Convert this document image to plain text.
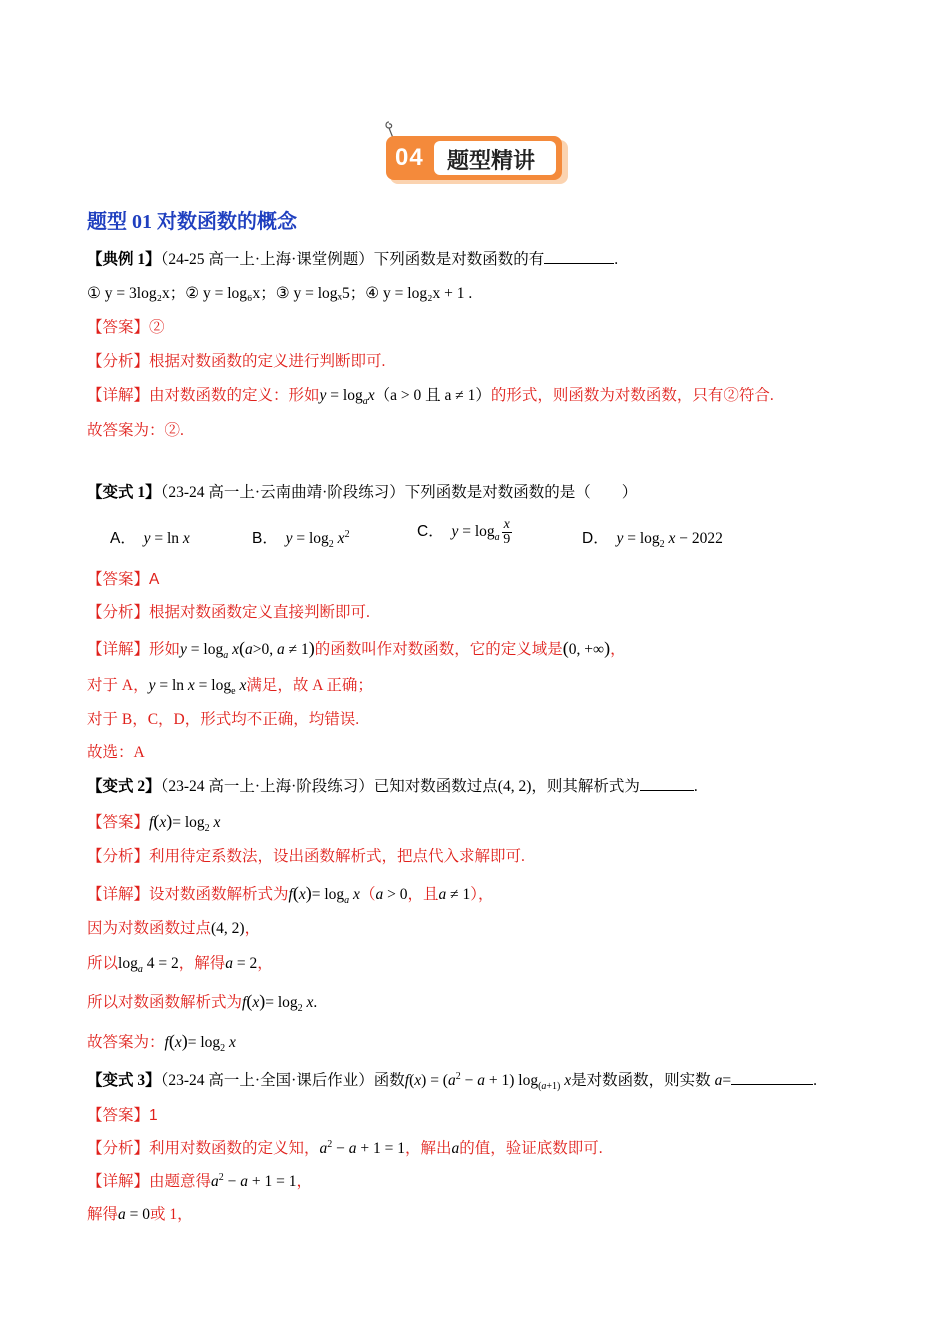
04 题型精讲
题型 01 对数函数的概念
【典例 1】（24-25 高一上·上海·课堂例题）下列函数是对数函数的有	.
① y = 3log₂x；② y = log₆x；③ y = logₓ5；④ y = log₂x + 1 .
【答案】②
【分析】根据对数函数的定义进行判断即可.
【详解】由对数函数的定义：形如$y = \log_ax(a > 0$ 且 a ≠ 1）的形式，则函数为对数函数，只有②符合.
故答案为：②.
【变式 1】（23-24 高一上·云南曲靖·阶段练习）下列函数是对数函数的是（　　）
A． y = ln x	B． $y = \log_2 x^2$	C． $y = \log_a \frac{x}{9}$	D． $y = \log_2 x - 2022$
【答案】A
【分析】根据对数函数定义直接判断即可.
【详解】形如$y = \log_a x(a>0$, a ≠ 1)的函数叫作对数函数，它的定义域是(0, +∞)，
对于 A，$y = \ln x = \log_e x$满足，故 A 正确；
对于 B，C，D，形式均不正确，均错误.
故选：A
【变式 2】（23-24 高一上·上海·阶段练习）已知对数函数过点(4, 2)，则其解析式为	.
【答案】$f(x)= \log_2 x$
【分析】利用待定系数法，设出函数解析式，把点代入求解即可.
【详解】设对数函数解析式为$f(x)= \log_a x(a > 0$，且a ≠ 1），
因为对数函数过点(4, 2)，
所以$\log_a 4 = 2$，解得a = 2，
所以对数函数解析式为$f(x)= \log_2 x$.
故答案为：$f(x)= \log_2 x$
【变式 3】（23-24 高一上·全国·课后作业）函数$f(x) = (a^2 - a + 1)$ $\log_{(a+1)} x$是对数函数，则实数 a=	.
【答案】1
【分析】利用对数函数的定义知，$a^2 - a + 1 = 1$，解出a的值，验证底数即可.
【详解】由题意得$a^2 - a + 1 = 1$，
解得a = 0或 1，
